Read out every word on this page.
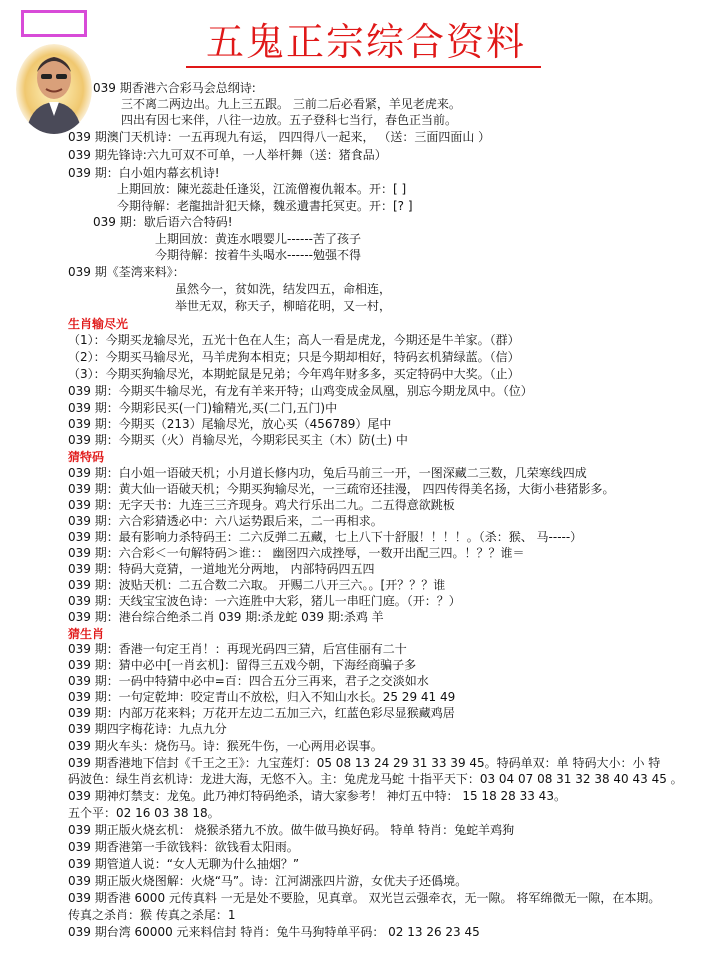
五鬼正宗综合资料
039 期香港六合彩马会总纲诗:
三不离二两边出。九上三五跟。 三前二后必看紧，羊见老虎来。
四出有因七来伴，八往一边放。五子登科七当行，春色正当前。
039 期澳门天机诗：一五再现九有运， 四四得八一起来， （送：三面四面山 ）
039 期先锋诗:六九可双不可单，一人举杆舞（送：猪食品）
039 期：白小姐内幕玄机诗!
上期回放：陳光蕊赴任逢災，江流僧複仇報本。开：[ ]
今期待解：老龍拙計犯天條，魏丞遺書托冥吏。开：[? ]
039 期：歇后语六合特码!
上期回放：黄连水喂婴儿------苦了孩子
今期待解：按着牛头喝水------勉强不得
039 期《荃湾来料》：
虽然今一，贫如洗，结发四五，命相连，
举世无双，称天子，柳暗花明，又一村，
生肖输尽光
（1）：今期买龙输尽光，五光十色在人生；高人一看是虎龙，今期还是牛羊家。（群）
（2）：今期买马输尽光，马羊虎狗本相克；只是今期却相好，特码玄机猜绿蓝。（信）
（3）：今期买狗输尽光，本期蛇鼠是兄弟；今年鸡年财多多，买定特码中大奖。（止）
039 期：今期买牛输尽光，有龙有羊来开特；山鸡变成金凤凰，别忘今期龙凤中。（位）
039 期：今期彩民买(一门)输精光,买(二门,五门)中
039 期：今期买（213）尾输尽光，放心买（456789）尾中
039 期：今期买（火）肖输尽光，今期彩民买主（木）防(土) 中
猜特码
039 期：白小姐一语破天机；小月道长修内功，兔后马前三一开，一图深藏二三数，几荣寒线四成
039 期：黄大仙一语破天机；今期买狗输尽光，一三疏帘还挂漫， 四四传得美名扬，大街小巷猪影多。
039 期：无字天书：九连三三齐现身。鸡犬行乐出二九。二五得意欲跳板
039 期：六合彩猜透必中：六八运势跟后来，二一再相求。
039 期：最有影响力杀特码王：二六反弹二五藏，七上八下十舒服！！！！。（杀：猴、 马-----）
039 期：六合彩＜一句解特码＞谁：： 幽囹四六成挫辱，一数开出配三四。！？？谁＝
039 期：特码大竞猜，一道地光分两地， 内部特码四五四
039 期：波贴天机：二五合数二六取。 开赐二八开三六。。[开？？？谁
039 期：天线宝宝波色诗：一六连胜中大彩，猪儿一串旺门庭。（开：？）
039 期：港台综合绝杀二肖 039 期:杀龙蛇 039 期:杀鸡 羊
猜生肖
039 期：香港一句定王肖！：再现光码四三猜，后宫佳丽有二十
039 期：猜中必中[一肖玄机]：留得三五戏今朝，下海经商骗子多
039 期：一码中特猜中必中=百：四合五分三再来，君子之交淡如水
039 期：一句定乾坤：咬定青山不放松，归入不知山水长。25 29 41 49
039 期：内部万花来料；万花开左边二五加三六，红蓝色彩尽显猴藏鸡居
039 期四字梅花诗：九点九分
039 期火车头：烧伤马。诗：猴死牛伤，一心两用必误事。
039 期香港地下信封《千王之王》：九宝莲灯：05 08 13 24 29 31 33 39 45。特码单双：单 特码大小：小 特
码波色：绿生肖玄机诗：龙进大海，无悠不入。主：兔虎龙马蛇 十指平天下：03 04 07 08 31 32 38 40 43 45 。
039 期神灯禁支：龙兔。此乃神灯特码绝杀，请大家参考！ 神灯五中特： 15 18 28 33 43。
五个平：02 16 03 38 18。
039 期正版火烧玄机： 烧猴杀猪九不放。做牛做马换好码。 特单 特肖：兔蛇羊鸡狗
039 期香港第一手欲钱料：欲钱看太阳雨。
039 期管道人说：“女人无聊为什么抽烟？”
039 期正版火烧图解：火烧“马”。诗：江河湖涨四片游，女优夫子还僞境。
039 期香港 6000 元传真料 一无是处不要脸，见真章。 双光岂云强牵衣，无一隙。 将军绵微无一隙，在本期。
传真之杀肖：猴 传真之杀尾：1
039 期台湾 60000 元来料信封 特肖：兔牛马狗特单平码： 02 13 26 23 45
